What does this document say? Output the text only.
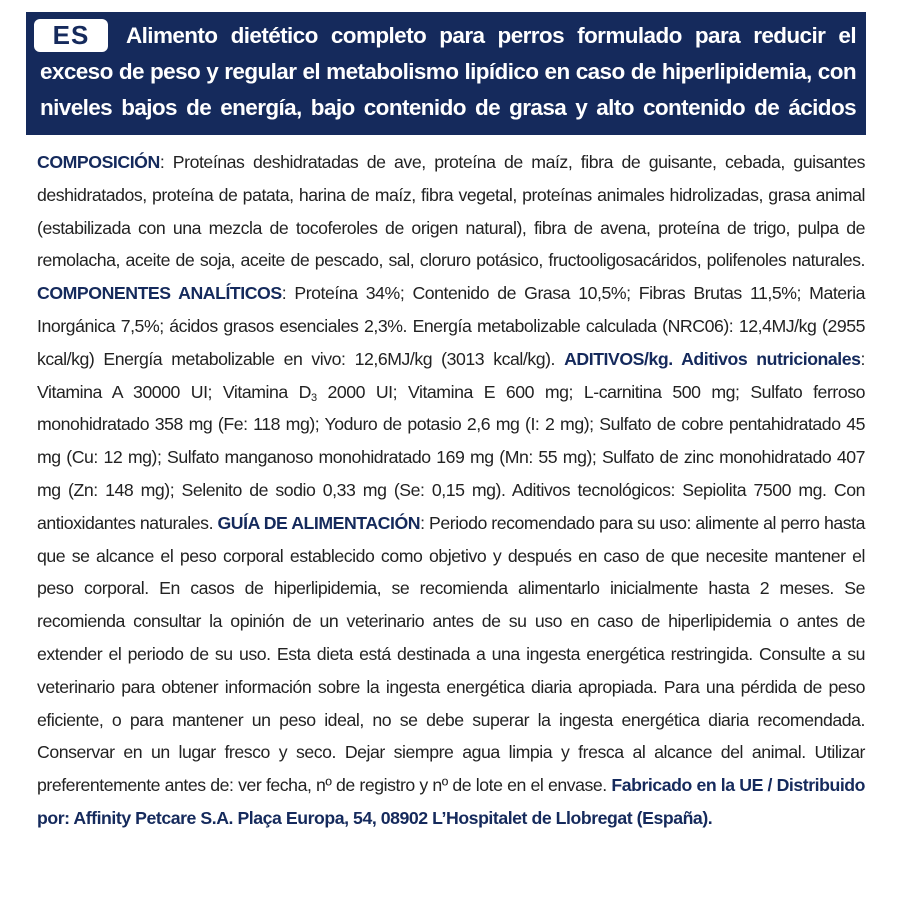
ES	Alimento dietético completo para perros formulado para reducir el exceso de peso y regular el metabolismo lipídico en caso de hiperlipidemia, con niveles bajos de energía, bajo contenido de grasa y alto contenido de ácidos grasos esenciales.

COMPOSICIÓN: Proteínas deshidratadas de ave, proteína de maíz, fibra de guisante, cebada, guisantes deshidratados, proteína de patata, harina de maíz, fibra vegetal, proteínas animales hidrolizadas, grasa animal (estabilizada con una mezcla de tocoferoles de origen natural), fibra de avena, proteína de trigo, pulpa de remolacha, aceite de soja, aceite de pescado, sal, cloruro potásico, fructooligosacáridos, polifenoles naturales. COMPONENTES ANALÍTICOS: Proteína 34%; Contenido de Grasa 10,5%; Fibras Brutas 11,5%; Materia Inorgánica 7,5%; ácidos grasos esenciales 2,3%. Energía metabolizable calculada (NRC06): 12,4MJ/kg (2955 kcal/kg) Energía metabolizable en vivo: 12,6MJ/kg (3013 kcal/kg). ADITIVOS/kg. Aditivos nutricionales: Vitamina A 30000 UI; Vitamina $D_3$ 2000 UI; Vitamina E 600 mg; L-carnitina 500 mg; Sulfato ferroso monohidratado 358 mg (Fe: 118 mg); Yoduro de potasio 2,6 mg (I: 2 mg); Sulfato de cobre pentahidratado 45 mg (Cu: 12 mg); Sulfato manganoso monohidratado 169 mg (Mn: 55 mg); Sulfato de zinc monohidratado 407 mg (Zn: 148 mg); Selenito de sodio 0,33 mg (Se: 0,15 mg). Aditivos tecnológicos: Sepiolita 7500 mg. Con antioxidantes naturales. GUÍA DE ALIMENTACIÓN: Periodo recomendado para su uso: alimente al perro hasta que se alcance el peso corporal establecido como objetivo y después en caso de que necesite mantener el peso corporal. En casos de hiperlipidemia, se recomienda alimentarlo inicialmente hasta 2 meses. Se recomienda consultar la opinión de un veterinario antes de su uso en caso de hiperlipidemia o antes de extender el periodo de su uso. Esta dieta está destinada a una ingesta energética restringida. Consulte a su veterinario para obtener información sobre la ingesta energética diaria apropiada. Para una pérdida de peso eficiente, o para mantener un peso ideal, no se debe superar la ingesta energética diaria recomendada. Conservar en un lugar fresco y seco. Dejar siempre agua limpia y fresca al alcance del animal. Utilizar preferentemente antes de: ver fecha, nº de registro y nº de lote en el envase. Fabricado en la UE / Distribuido por: Affinity Petcare S.A. Plaça Europa, 54, 08902 L’Hospitalet de Llobregat (España).
